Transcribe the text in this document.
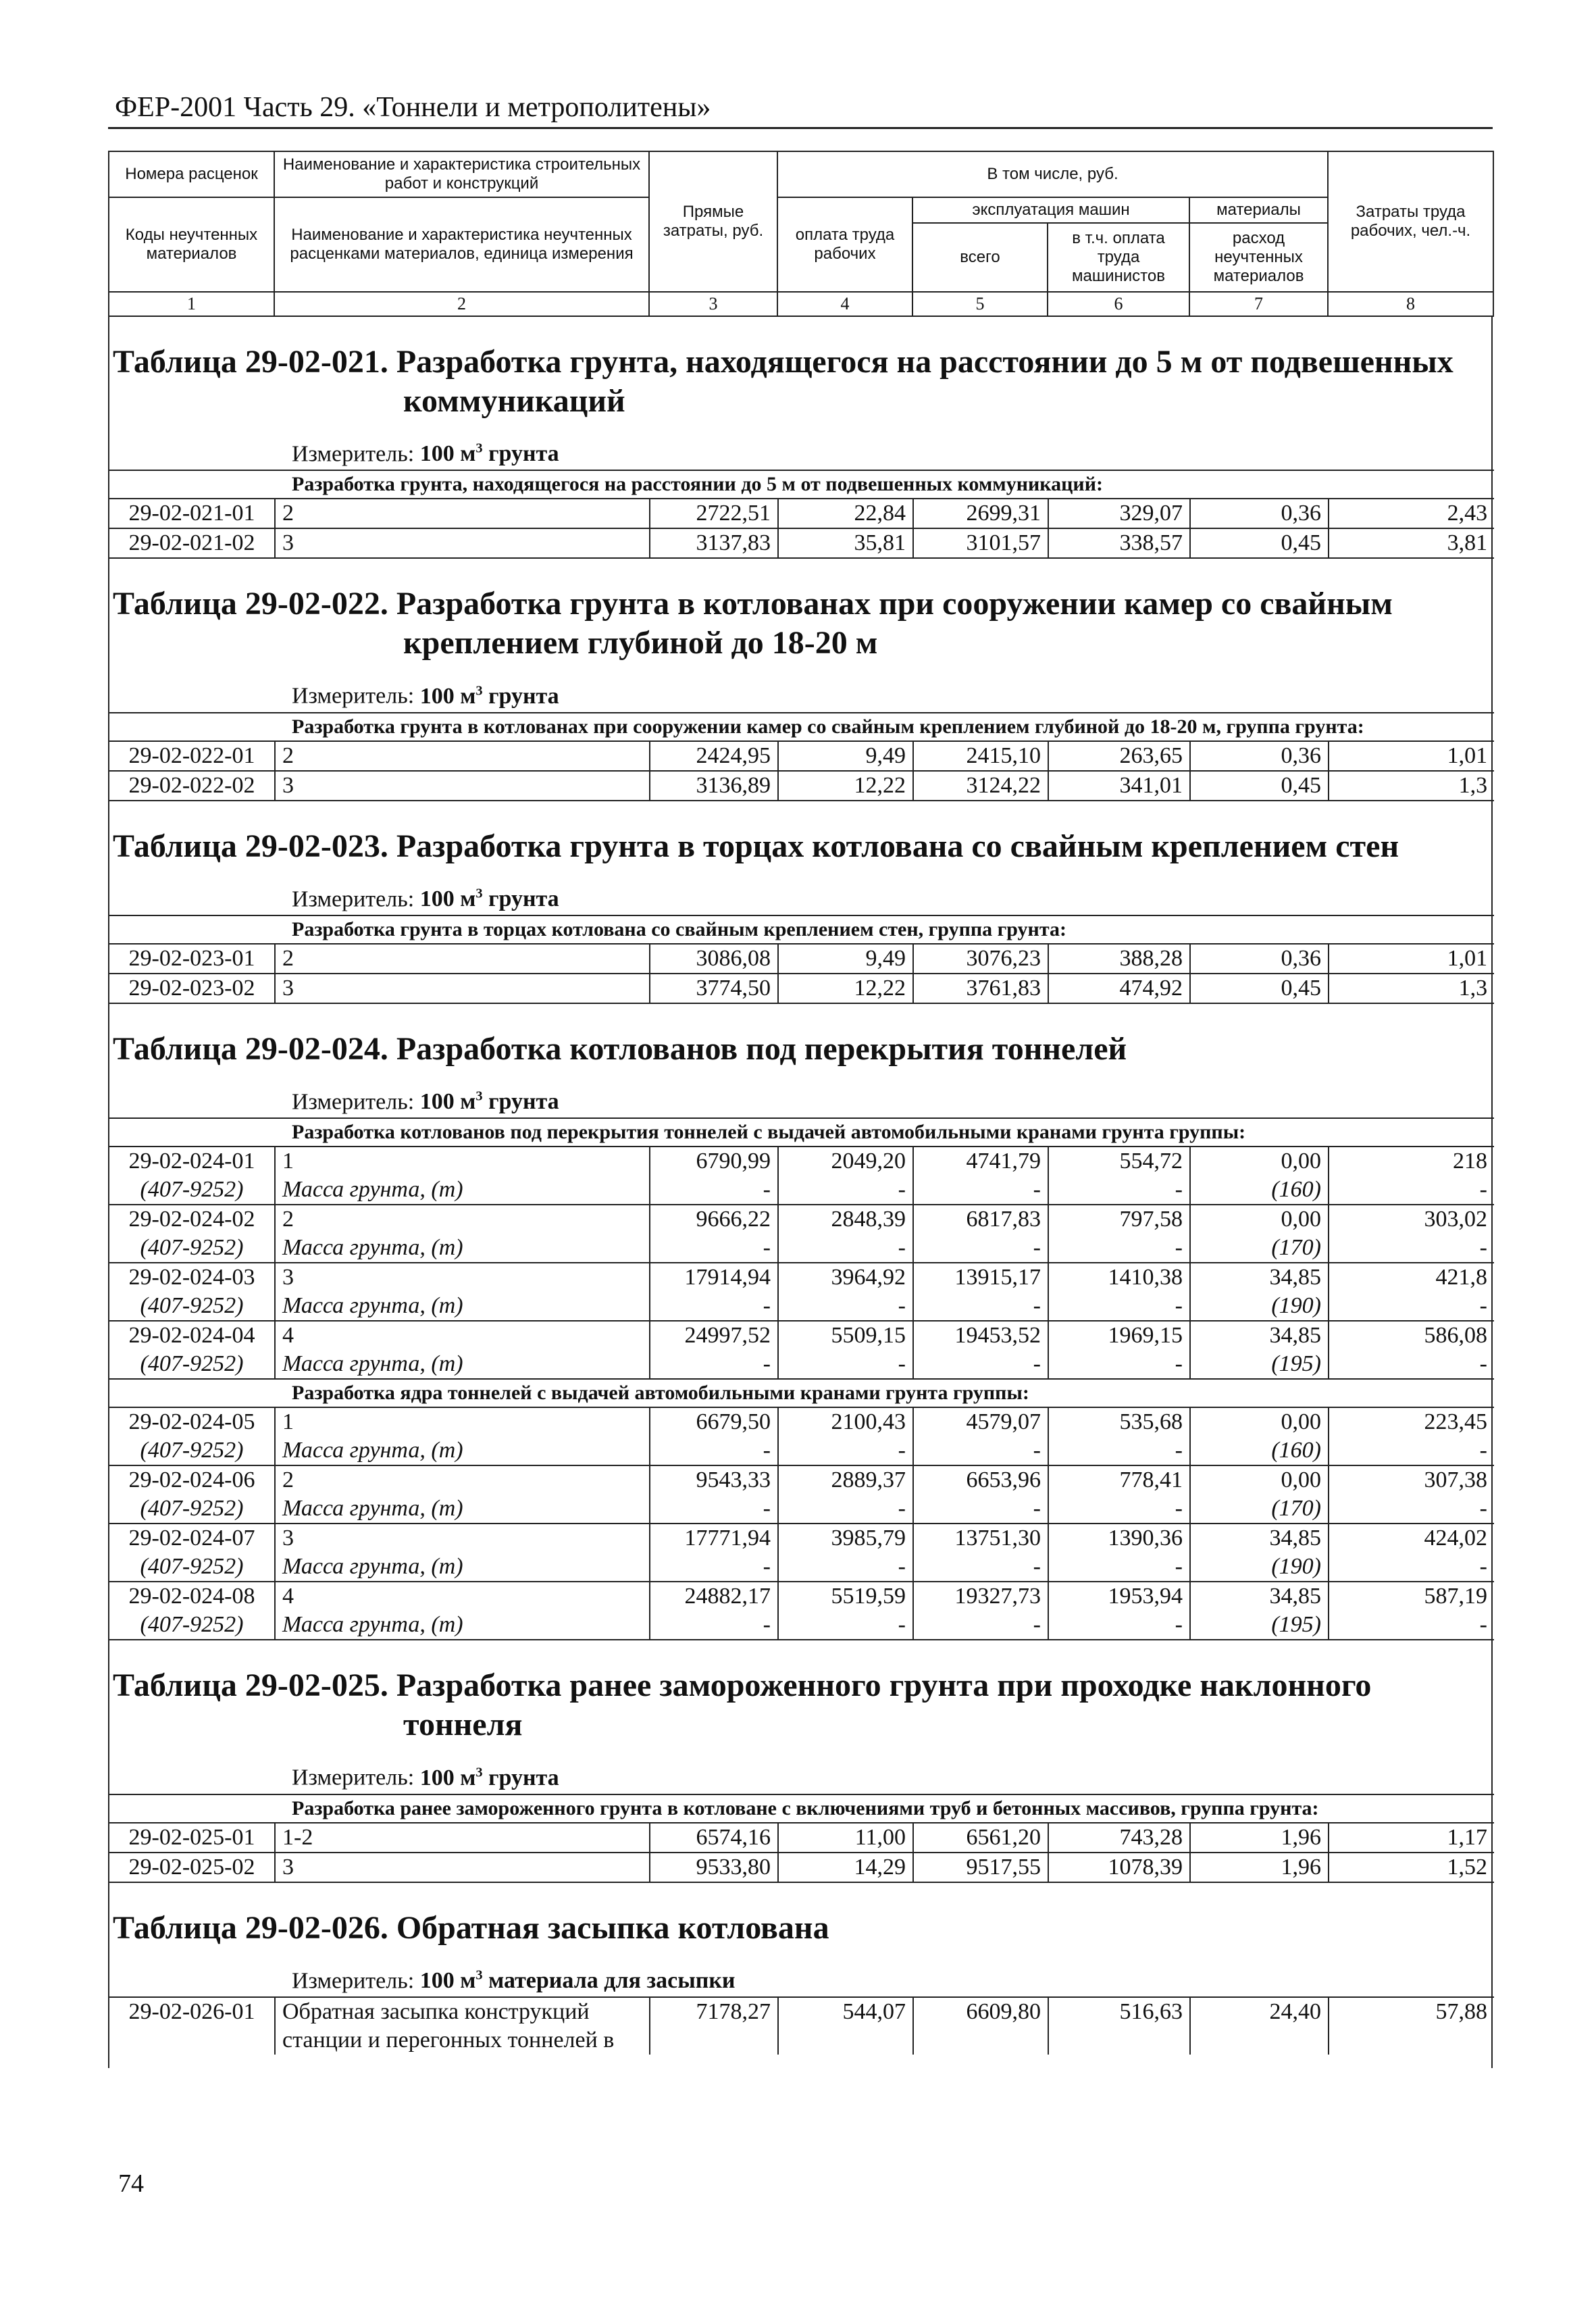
ФЕР-2001 Часть 29. «Тоннели и метрополитены»
Номера расценок	Наименование и характеристика строительных работ и конструкций	Прямые затраты, руб.	В том числе, руб.				Затраты труда рабочих, чел.-ч.
Коды неучтенных материалов	Наименование и характеристика неучтенных расценками материалов, единица измерения		оплата труда рабочих	эксплуатация машин		материалы	
				всего	в т.ч. оплата труда машинистов	расход неучтенных материалов	
1	2	3	4	5	6	7	8
Таблица 29-02-021. Разработка грунта, находящегося на расстоянии до 5 м от подвешенных
коммуникаций
Измеритель: 100 $м^3$ грунта
Разработка грунта, находящегося на расстоянии до 5 м от подвешенных коммуникаций:							
29-02-021-01	2	2722,51	22,84	2699,31	329,07	0,36	2,43
29-02-021-02	3	3137,83	35,81	3101,57	338,57	0,45	3,81
Таблица 29-02-022. Разработка грунта в котлованах при сооружении камер со свайным
креплением глубиной до 18-20 м
Измеритель: 100 $м^3$ грунта
Разработка грунта в котлованах при сооружении камер со свайным креплением глубиной до 18-20 м, группа грунта:							
29-02-022-01	2	2424,95	9,49	2415,10	263,65	0,36	1,01
29-02-022-02	3	3136,89	12,22	3124,22	341,01	0,45	1,3
Таблица 29-02-023. Разработка грунта в торцах котлована со свайным креплением стен
Измеритель: 100 $м^3$ грунта
Разработка грунта в торцах котлована со свайным креплением стен, группа грунта:							
29-02-023-01	2	3086,08	9,49	3076,23	388,28	0,36	1,01
29-02-023-02	3	3774,50	12,22	3761,83	474,92	0,45	1,3
Таблица 29-02-024. Разработка котлованов под перекрытия тоннелей
Измеритель: 100 $м^3$ грунта
Разработка котлованов под перекрытия тоннелей с выдачей автомобильными кранами грунта группы:							
29-02-024-01	1	6790,99	2049,20	4741,79	554,72	0,00	218
(407-9252)	Масса грунта, (т)	-	-	-	-	(160)	-
29-02-024-02	2	9666,22	2848,39	6817,83	797,58	0,00	303,02
(407-9252)	Масса грунта, (т)	-	-	-	-	(170)	-
29-02-024-03	3	17914,94	3964,92	13915,17	1410,38	34,85	421,8
(407-9252)	Масса грунта, (т)	-	-	-	-	(190)	-
29-02-024-04	4	24997,52	5509,15	19453,52	1969,15	34,85	586,08
(407-9252)	Масса грунта, (т)	-	-	-	-	(195)	-
Разработка ядра тоннелей с выдачей автомобильными кранами грунта группы:							
29-02-024-05	1	6679,50	2100,43	4579,07	535,68	0,00	223,45
(407-9252)	Масса грунта, (т)	-	-	-	-	(160)	-
29-02-024-06	2	9543,33	2889,37	6653,96	778,41	0,00	307,38
(407-9252)	Масса грунта, (т)	-	-	-	-	(170)	-
29-02-024-07	3	17771,94	3985,79	13751,30	1390,36	34,85	424,02
(407-9252)	Масса грунта, (т)	-	-	-	-	(190)	-
29-02-024-08	4	24882,17	5519,59	19327,73	1953,94	34,85	587,19
(407-9252)	Масса грунта, (т)	-	-	-	-	(195)	-
Таблица 29-02-025. Разработка ранее замороженного грунта при проходке наклонного
тоннеля
Измеритель: 100 $м^3$ грунта
Разработка ранее замороженного грунта в котловане с включениями труб и бетонных массивов, группа грунта:							
29-02-025-01	1-2	6574,16	11,00	6561,20	743,28	1,96	1,17
29-02-025-02	3	9533,80	14,29	9517,55	1078,39	1,96	1,52
Таблица 29-02-026. Обратная засыпка котлована
Измеритель: 100 $м^3$ материала для засыпки
29-02-026-01	Обратная засыпка конструкций	7178,27	544,07	6609,80	516,63	24,40	57,88
	станции и перегонных тоннелей в						
74
